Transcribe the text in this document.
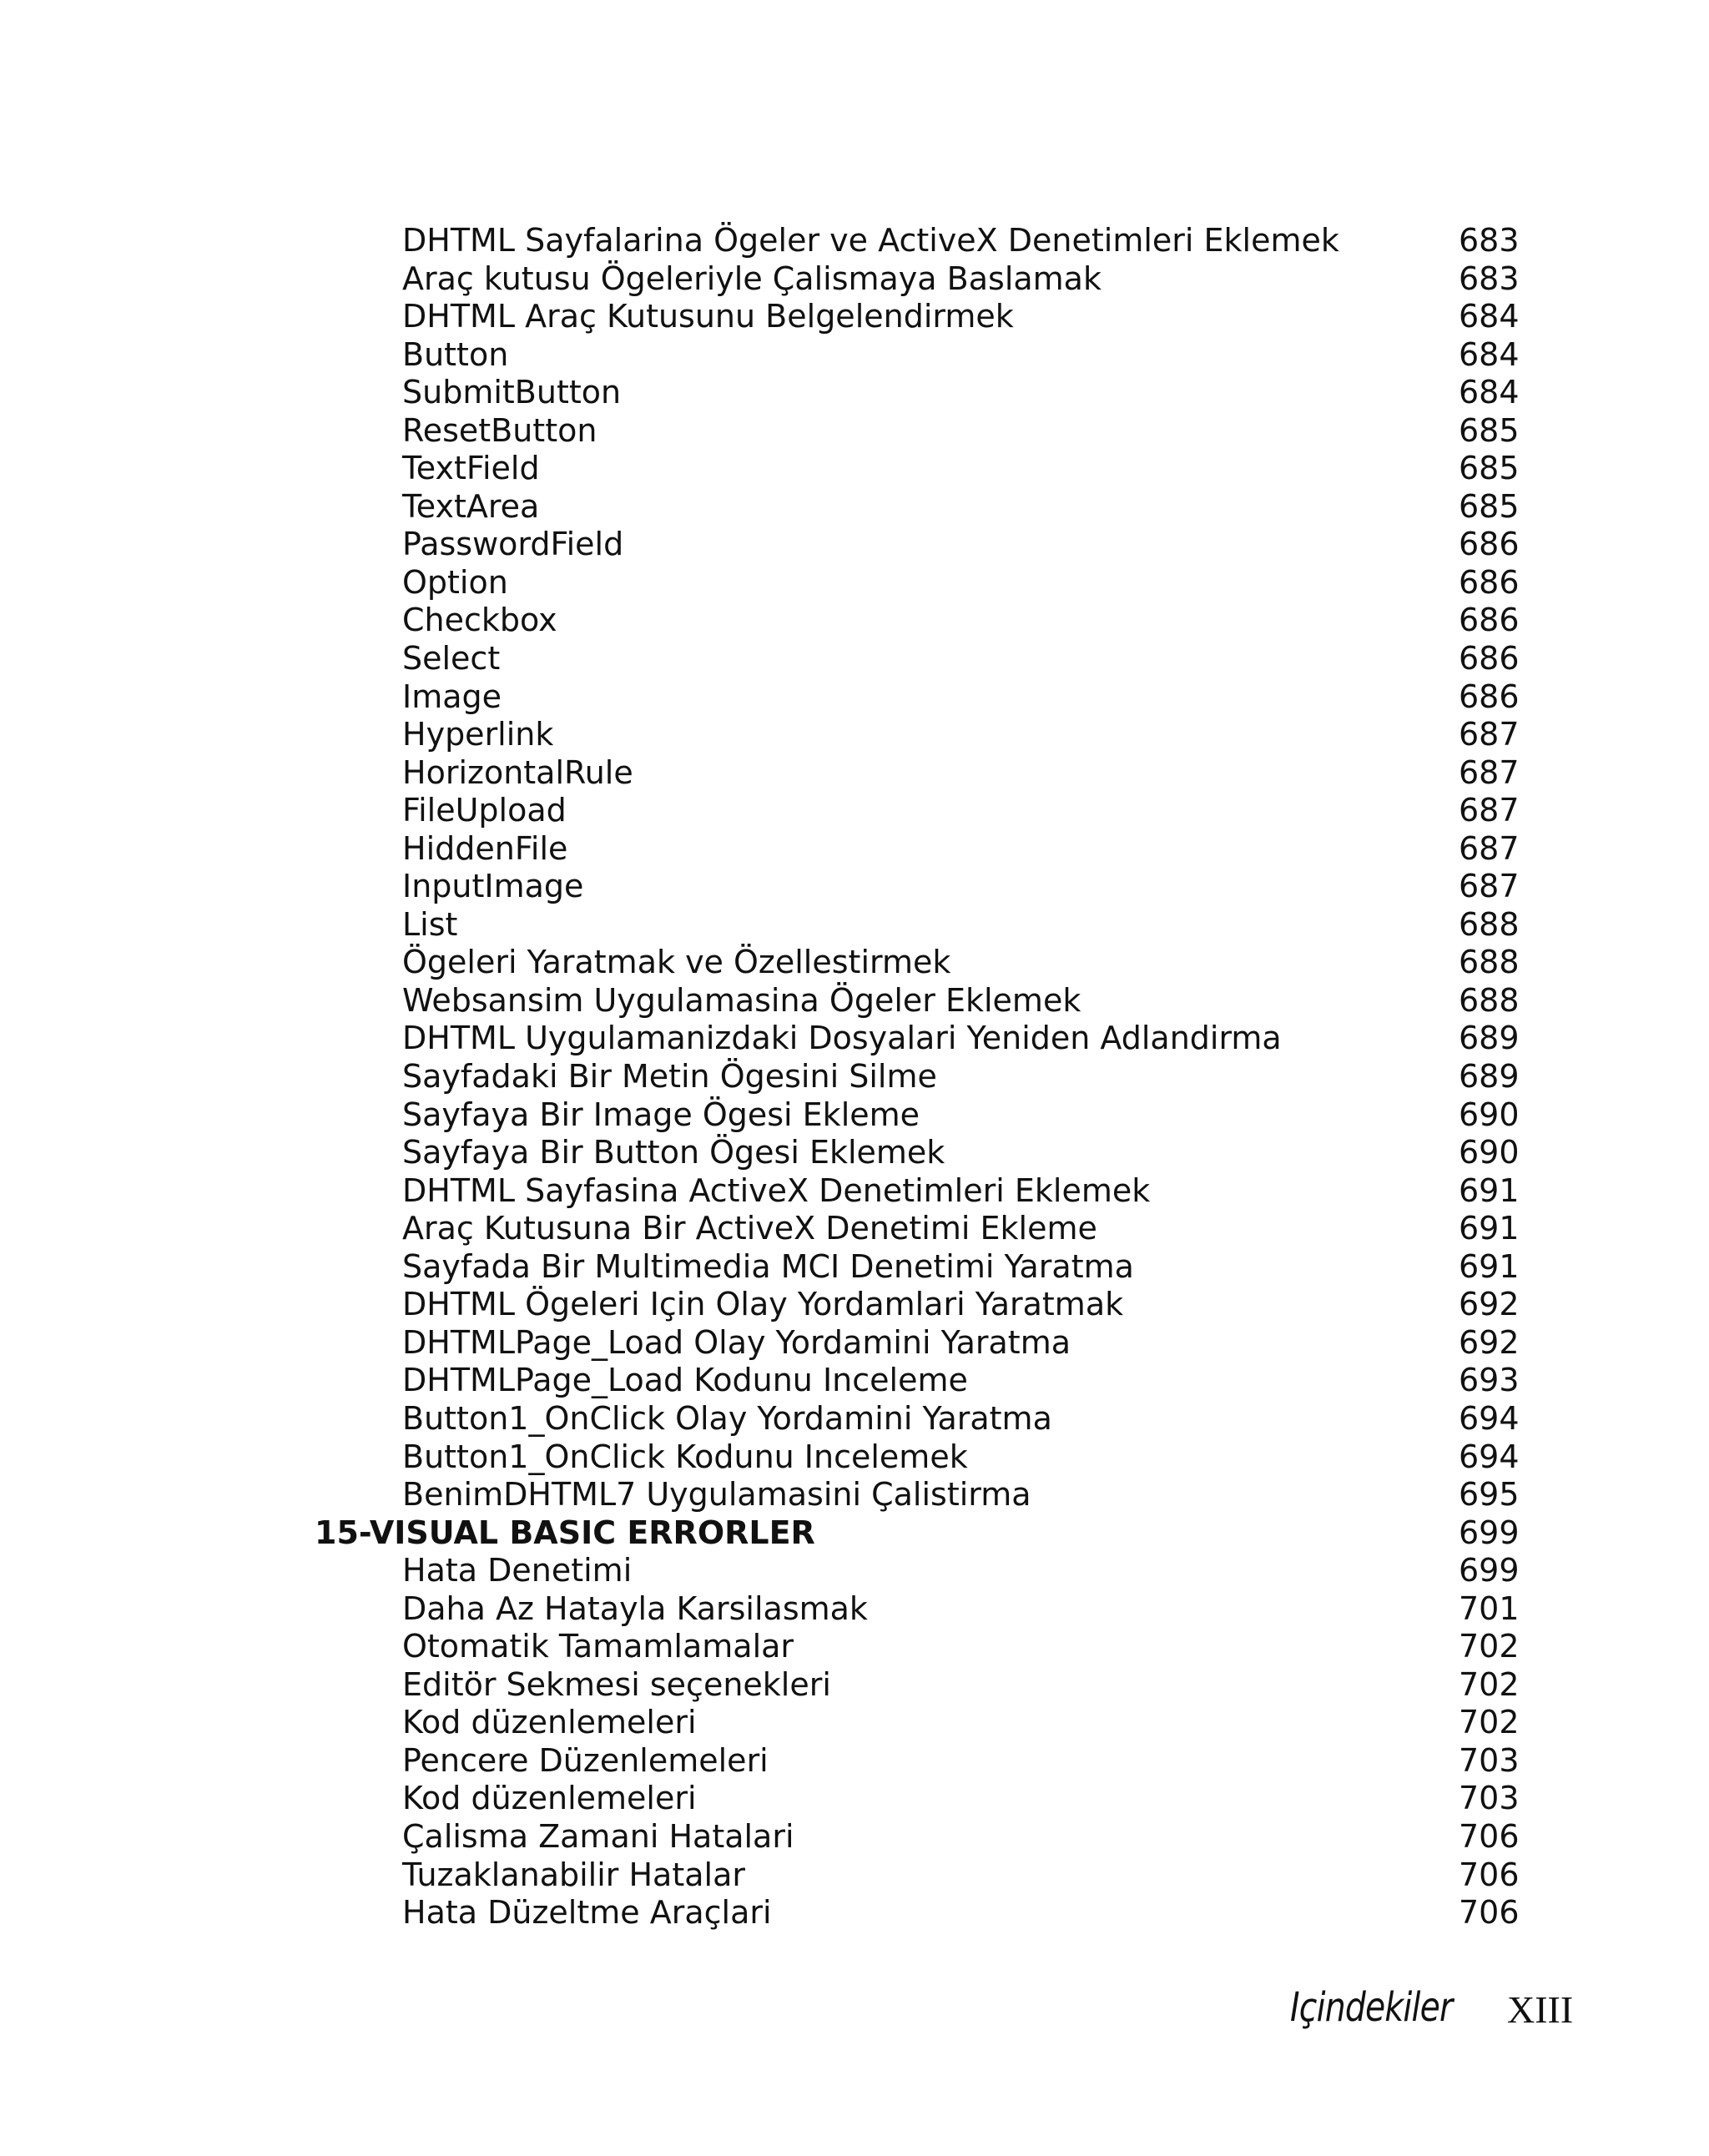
DHTML Sayfalarina Ögeler ve ActiveX Denetimleri Eklemek	683
Araç kutusu Ögeleriyle Çalismaya Baslamak	683
DHTML Araç Kutusunu Belgelendirmek	684
Button	684
SubmitButton	684
ResetButton	685
TextField	685
TextArea	685
PasswordField	686
Option	686
Checkbox	686
Select	686
Image	686
Hyperlink	687
HorizontalRule	687
FileUpload	687
HiddenFile	687
InputImage	687
List	688
Ögeleri Yaratmak ve Özellestirmek	688
Websansim Uygulamasina Ögeler Eklemek	688
DHTML Uygulamanizdaki Dosyalari Yeniden Adlandirma	689
Sayfadaki Bir Metin Ögesini Silme	689
Sayfaya Bir Image Ögesi Ekleme	690
Sayfaya Bir Button Ögesi Eklemek	690
DHTML Sayfasina ActiveX Denetimleri Eklemek	691
Araç Kutusuna Bir ActiveX Denetimi Ekleme	691
Sayfada Bir Multimedia MCI Denetimi Yaratma	691
DHTML Ögeleri Için Olay Yordamlari Yaratmak	692
DHTMLPage_Load Olay Yordamini Yaratma	692
DHTMLPage_Load Kodunu Inceleme	693
Button1_OnClick Olay Yordamini Yaratma	694
Button1_OnClick Kodunu Incelemek	694
BenimDHTML7 Uygulamasini Çalistirma	695
15-VISUAL BASIC ERRORLER	699
Hata Denetimi	699
Daha Az Hatayla Karsilasmak	701
Otomatik Tamamlamalar	702
Editör Sekmesi seçenekleri	702
Kod düzenlemeleri	702
Pencere Düzenlemeleri	703
Kod düzenlemeleri	703
Çalisma Zamani Hatalari	706
Tuzaklanabilir Hatalar	706
Hata Düzeltme Araçlari	706
Içindekiler XIII
